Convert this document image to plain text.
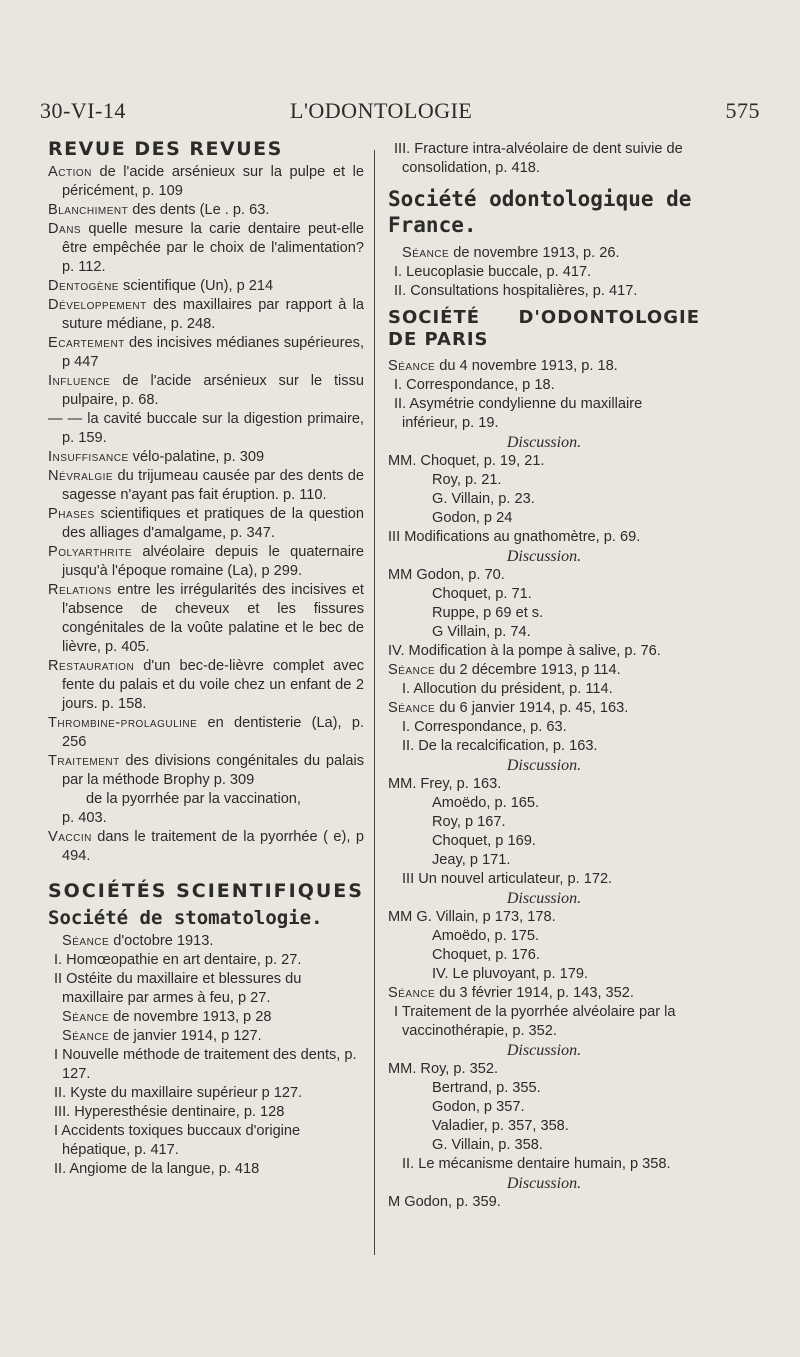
30-VI-14	L'ODONTOLOGIE	575
REVUE DES REVUES

Action de l'acide arsénieux sur la pulpe et le péricément, p. 109

Blanchiment des dents (Le . p. 63.

Dans quelle mesure la carie dentaire peut-elle être empêchée par le choix de l'alimentation? p. 112.

Dentogène scientifique (Un), p 214

Développement des maxillaires par rapport à la suture médiane, p. 248.

Ecartement des incisives médianes supérieures, p 447

Influence de l'acide arsénieux sur le tissu pulpaire, p. 68.

— — la cavité buccale sur la digestion primaire, p. 159.

Insuffisance vélo-palatine, p. 309

Névralgie du trijumeau causée par des dents de sagesse n'ayant pas fait éruption. p. 110.

Phases scientifiques et pratiques de la question des alliages d'amalgame, p. 347.

Polyarthrite alvéolaire depuis le quaternaire jusqu'à l'époque romaine (La), p 299.

Relations entre les irrégularités des incisives et l'absence de cheveux et les fissures congénitales de la voûte palatine et le bec de lièvre, p. 405.

Restauration d'un bec-de-lièvre complet avec fente du palais et du voile chez un enfant de 2 jours. p. 158.

Thrombine-prolaguline en dentisterie (La), p. 256

Traitement des divisions congénitales du palais par la méthode Brophy p. 309

de la pyorrhée par la vaccination,

p. 403.

Vaccin dans le traitement de la pyorrhée ( e), p 494.

SOCIÉTÉS SCIENTIFIQUES
Société de stomatologie.

Séance d'octobre 1913.

I. Homœopathie en art dentaire, p. 27.

II Ostéite du maxillaire et blessures du maxillaire par armes à feu, p 27.

Séance de novembre 1913, p 28

Séance de janvier 1914, p 127.

I Nouvelle méthode de traitement des dents, p. 127.

II. Kyste du maxillaire supérieur p 127.

III. Hyperesthésie dentinaire, p. 128

I Accidents toxiques buccaux d'origine hépatique, p. 417.

II. Angiome de la langue, p. 418

III. Fracture intra-alvéolaire de dent suivie de consolidation, p. 418.

Société odontologique de France.

Séance de novembre 1913, p. 26.

I. Leucoplasie buccale, p. 417.

II. Consultations hospitalières, p. 417.

SOCIÉTÉ D'ODONTOLOGIE DE PARIS

Séance du 4 novembre 1913, p. 18.

I. Correspondance, p 18.

II. Asymétrie condylienne du maxillaire inférieur, p. 19.

Discussion.

MM. Choquet, p. 19, 21.

Roy, p. 21.

G. Villain, p. 23.

Godon, p 24

III Modifications au gnathomètre, p. 69.

Discussion.

MM Godon, p. 70.

Choquet, p. 71.

Ruppe, p 69 et s.

G Villain, p. 74.

IV. Modification à la pompe à salive, p. 76.

Séance du 2 décembre 1913, p 114.

I. Allocution du président, p. 114.

Séance du 6 janvier 1914, p. 45, 163.

I. Correspondance, p. 63.

II. De la recalcification, p. 163.

Discussion.

MM. Frey, p. 163.

Amoëdo, p. 165.

Roy, p 167.

Choquet, p 169.

Jeay, p 171.

III Un nouvel articulateur, p. 172.

Discussion.

MM G. Villain, p 173, 178.

Amoëdo, p. 175.

Choquet, p. 176.

IV. Le pluvoyant, p. 179.

Séance du 3 février 1914, p. 143, 352.

I Traitement de la pyorrhée alvéolaire par la vaccinothérapie, p. 352.

Discussion.

MM. Roy, p. 352.

Bertrand, p. 355.

Godon, p 357.

Valadier, p. 357, 358.

G. Villain, p. 358.

II. Le mécanisme dentaire humain, p 358.

Discussion.

M Godon, p. 359.
